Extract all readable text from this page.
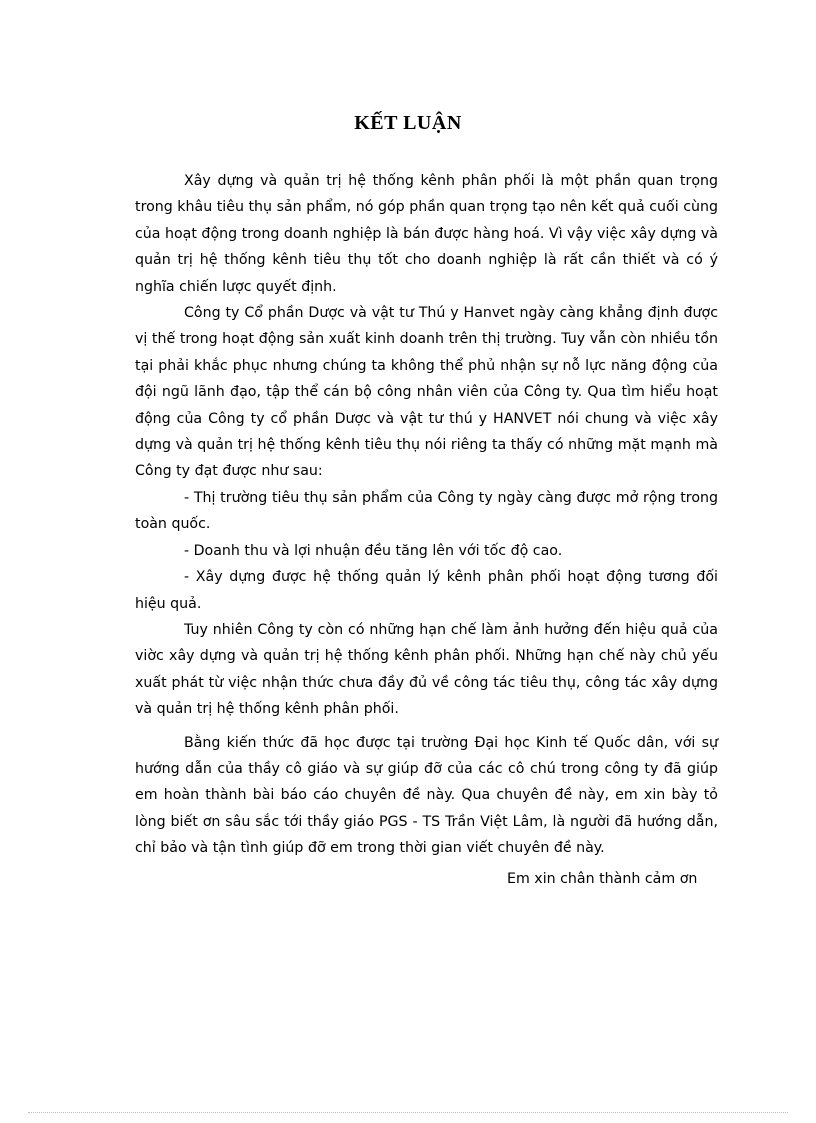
KẾT LUẬN

Xây dựng và quản trị hệ thống kênh phân phối là một phần quan trọng trong khâu tiêu thụ sản phẩm, nó góp phần quan trọng tạo nên kết quả cuối cùng của hoạt động trong doanh nghiệp là bán được hàng hoá. Vì vậy việc xây dựng và quản trị hệ thống kênh tiêu thụ tốt cho doanh nghiệp là rất cần thiết và có ý nghĩa chiến lược quyết định.

Công ty Cổ phần Dược và vật tư Thú y Hanvet ngày càng khẳng định được vị thế trong hoạt động sản xuất kinh doanh trên thị trường. Tuy vẫn còn nhiều tồn tại phải khắc phục nhưng chúng ta không thể phủ nhận sự nỗ lực năng động của đội ngũ lãnh đạo, tập thể cán bộ công nhân viên của Công ty. Qua tìm hiểu hoạt động của Công ty cổ phần Dược và vật tư thú y HANVET nói chung và việc xây dựng và quản trị hệ thống kênh tiêu thụ nói riêng ta thấy có những mặt mạnh mà Công ty đạt được như sau:

- Thị trường tiêu thụ sản phẩm của Công ty ngày càng được mở rộng trong toàn quốc.

- Doanh thu và lợi nhuận đều tăng lên với tốc độ cao.

- Xây dựng được hệ thống quản lý kênh phân phối hoạt động tương đối hiệu quả.

Tuy nhiên Công ty còn có những hạn chế làm ảnh hưởng đến hiệu quả của viờc xây dựng và quản trị hệ thống kênh phân phối. Những hạn chế này chủ yếu xuất phát từ việc nhận thức chưa đầy đủ về công tác tiêu thụ, công tác xây dựng và quản trị hệ thống kênh phân phối.

Bằng kiến thức đã học được tại trường Đại học Kinh tế Quốc dân, với sự hướng dẫn của thầy cô giáo và sự giúp đỡ của các cô chú trong công ty đã giúp em hoàn thành bài báo cáo chuyên đề này. Qua chuyên đề này, em xin bày tỏ lòng biết ơn sâu sắc tới thầy giáo PGS - TS Trần Việt Lâm, là người đã hướng dẫn, chỉ bảo và tận tình giúp đỡ em trong thời gian viết chuyên đề này.

Em xin chân thành cảm ơn
